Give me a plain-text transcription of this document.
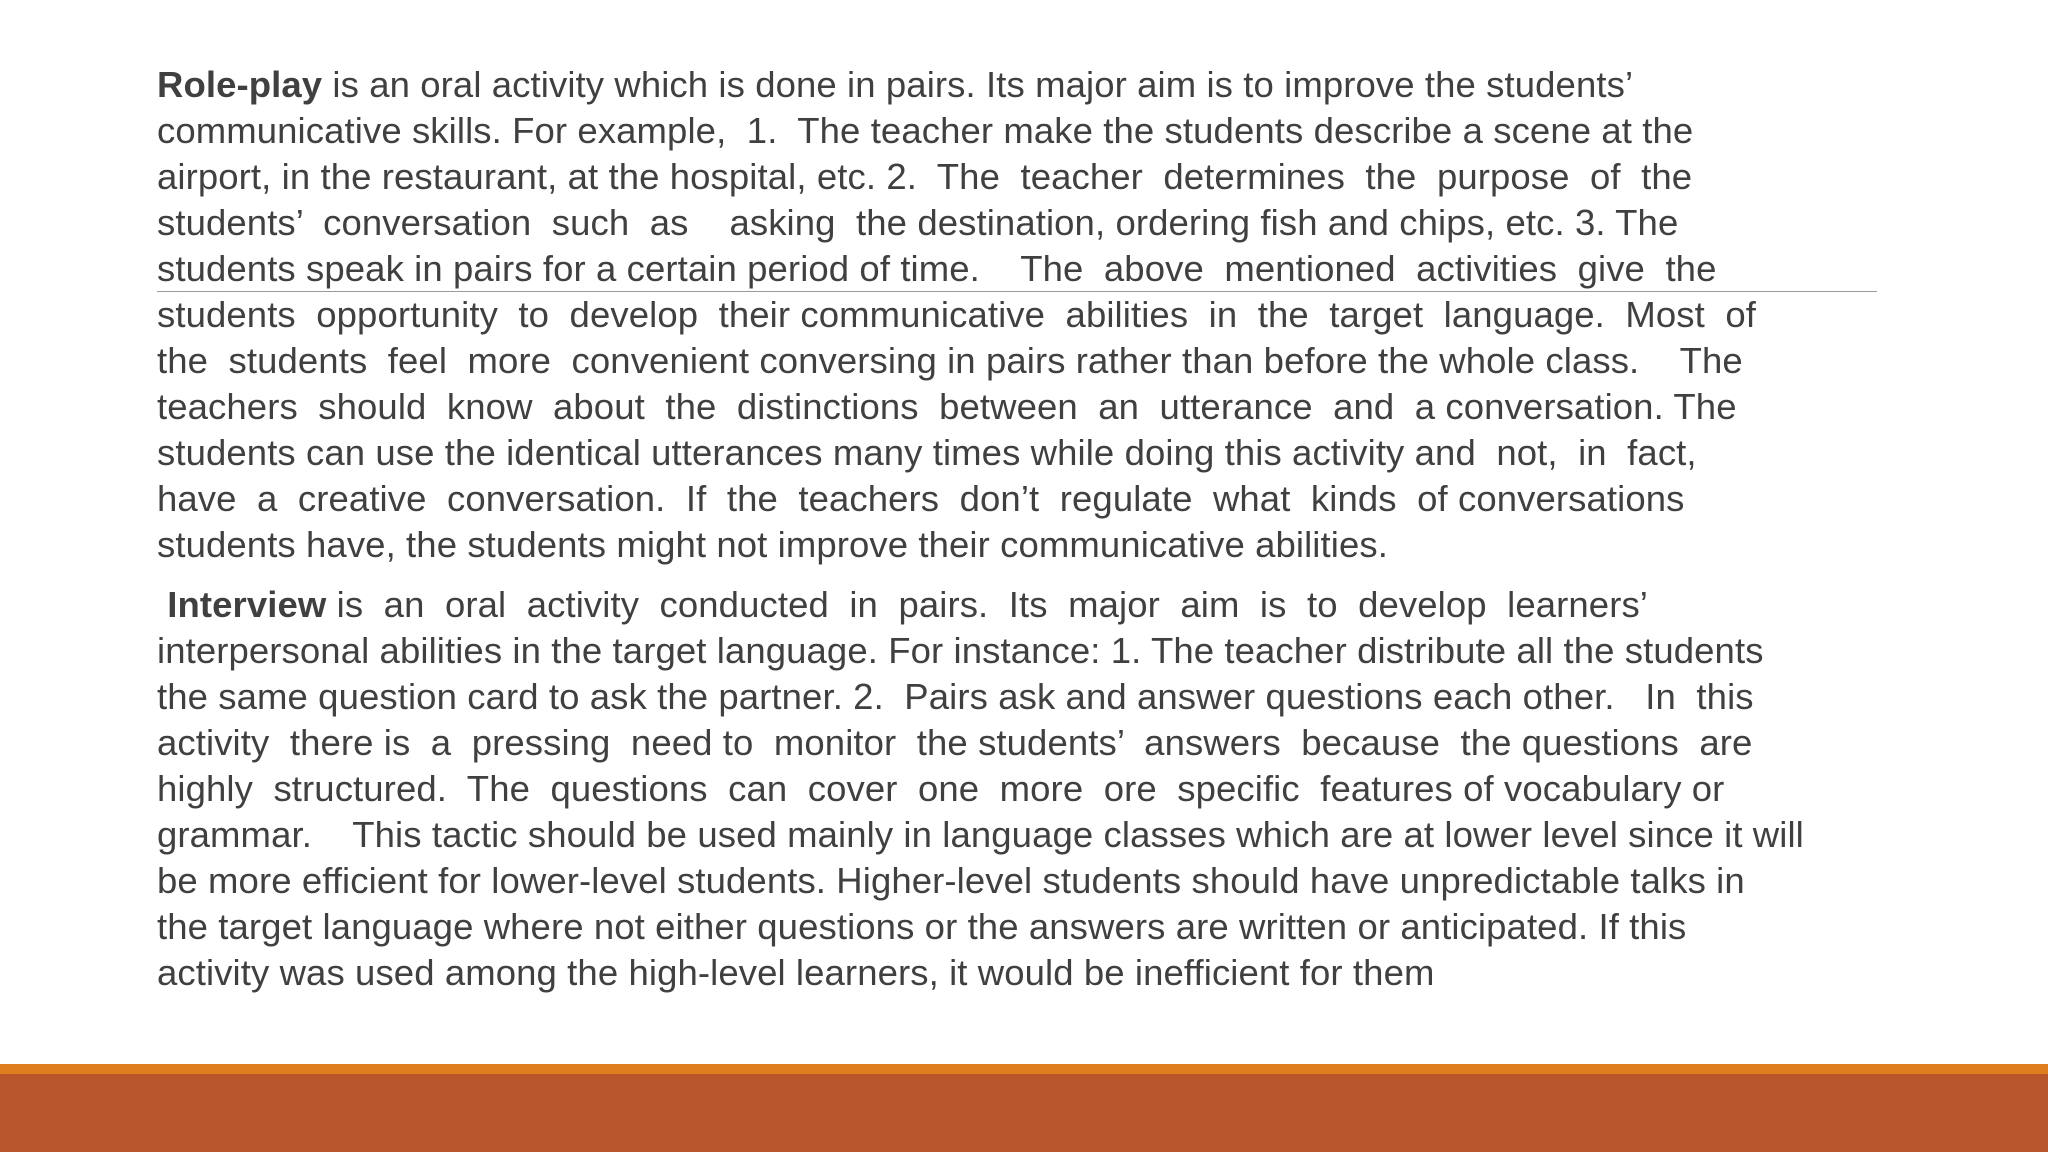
Role-play is an oral activity which is done in pairs. Its major aim is to improve the students’
communicative skills. For example,  1.  The teacher make the students describe a scene at the
airport, in the restaurant, at the hospital, etc. 2.  The  teacher  determines  the  purpose  of  the
students’  conversation  such  as    asking  the destination, ordering fish and chips, etc. 3. The
students speak in pairs for a certain period of time.    The  above  mentioned  activities  give  the
students  opportunity  to  develop  their communicative  abilities  in  the  target  language.  Most  of
the  students  feel  more  convenient conversing in pairs rather than before the whole class.    The
teachers  should  know  about  the  distinctions  between  an  utterance  and  a conversation. The
students can use the identical utterances many times while doing this activity and  not,  in  fact,
have  a  creative  conversation.  If  the  teachers  don’t  regulate  what  kinds  of conversations
students have, the students might not improve their communicative abilities.
Interview is  an  oral  activity  conducted  in  pairs.  Its  major  aim  is  to  develop  learners’
interpersonal abilities in the target language. For instance: 1. The teacher distribute all the students
the same question card to ask the partner. 2.  Pairs ask and answer questions each other.   In  this
activity  there is  a  pressing  need to  monitor  the students’  answers  because  the questions  are
highly  structured.  The  questions  can  cover  one  more  ore  specific  features of vocabulary or
grammar.    This tactic should be used mainly in language classes which are at lower level since it will
be more efficient for lower-level students. Higher-level students should have unpredictable talks in
the target language where not either questions or the answers are written or anticipated. If this
activity was used among the high-level learners, it would be inefficient for them
